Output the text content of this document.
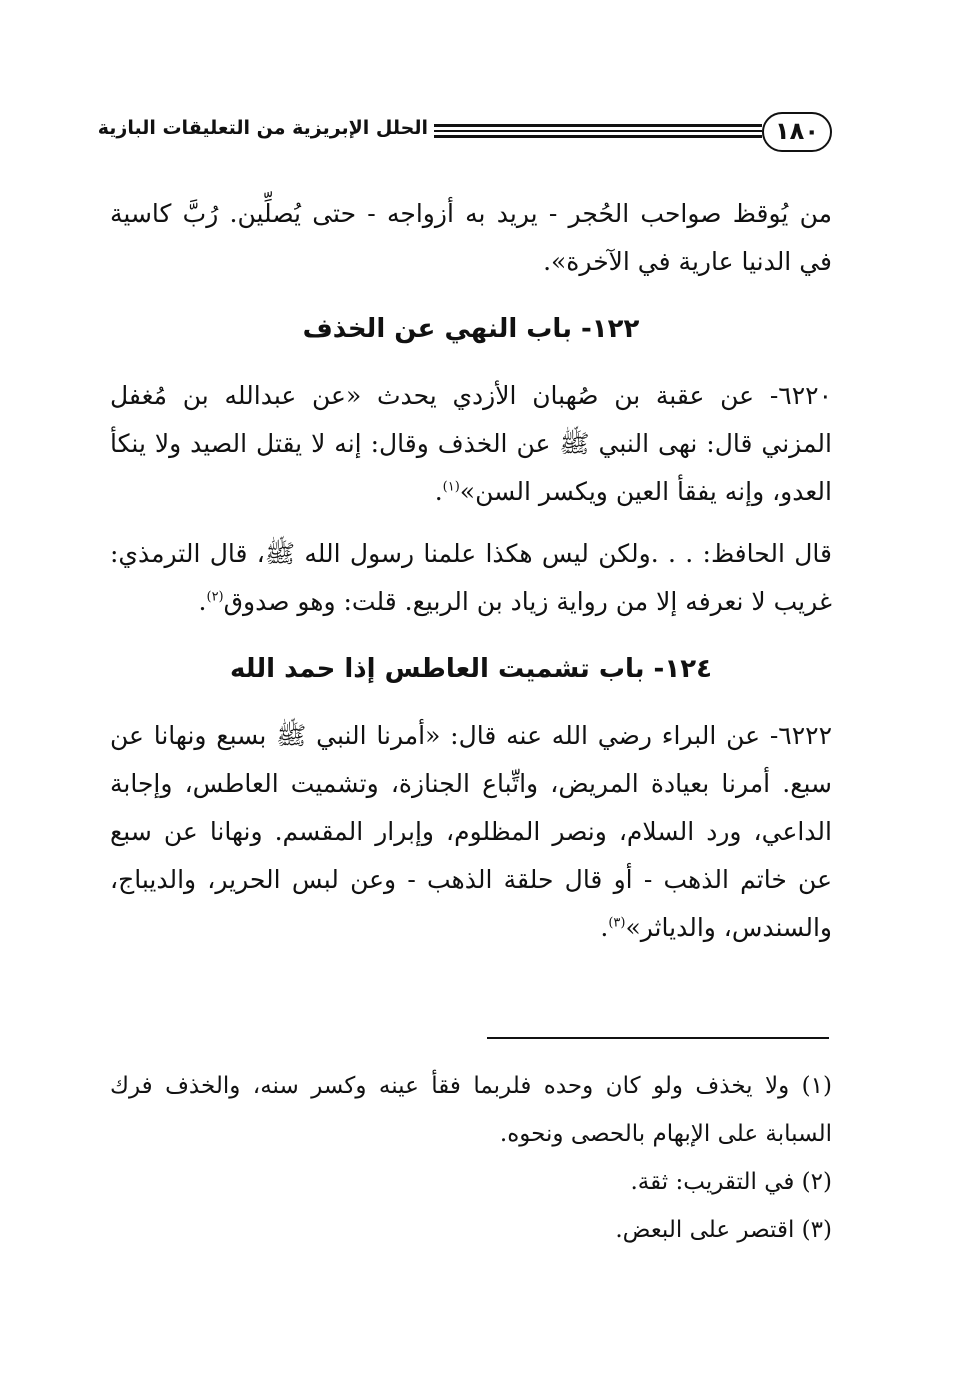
١٨٠
الحلل الإبريزية من التعليقات البازية

من يُوقظ صواحب الحُجر - يريد به أزواجه - حتى يُصلِّين. رُبَّ كاسية في الدنيا عارية في الآخرة».

١٢٢- باب النهي عن الخذف

٦٢٢٠- عن عقبة بن صُهبان الأزدي يحدث «عن عبدالله بن مُغفل المزني قال: نهى النبي ﷺ عن الخذف وقال: إنه لا يقتل الصيد ولا ينكأ العدو، وإنه يفقأ العين ويكسر السن»$^{(١)}$.

قال الحافظ: . . .ولكن ليس هكذا علمنا رسول الله ﷺ، قال الترمذي: غريب لا نعرفه إلا من رواية زياد بن الربيع. قلت: وهو صدوق$^{(٢)}$.

١٢٤- باب تشميت العاطس إذا حمد الله

٦٢٢٢- عن البراء رضي الله عنه قال: «أمرنا النبي ﷺ بسبع ونهانا عن سبع. أمرنا بعيادة المريض، واتِّباع الجنازة، وتشميت العاطس، وإجابة الداعي، ورد السلام، ونصر المظلوم، وإبرار المقسم. ونهانا عن سبع عن خاتم الذهب - أو قال حلقة الذهب - وعن لبس الحرير، والديباج، والسندس، والدياثر»$^{(٣)}$.

(١) ولا يخذف ولو كان وحده فلربما فقأ عينه وكسر سنه، والخذف فرك السبابة على الإبهام بالحصى ونحوه.

(٢) في التقريب: ثقة.

(٣) اقتصر على البعض.
